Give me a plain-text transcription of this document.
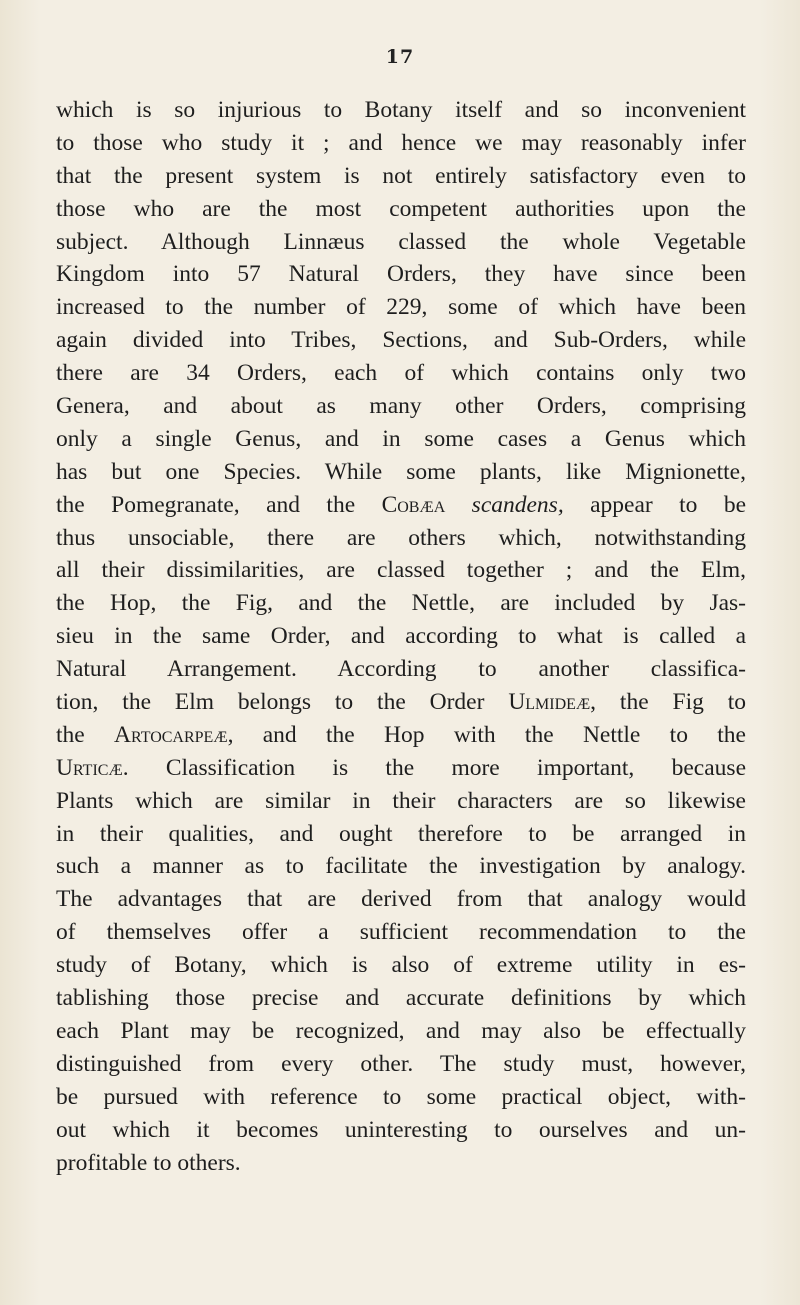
17
which is so injurious to Botany itself and so inconvenient
to those who study it ; and hence we may reasonably infer
that the present system is not entirely satisfactory even to
those who are the most competent authorities upon the
subject. Although Linnæus classed the whole Vegetable
Kingdom into 57 Natural Orders, they have since been
increased to the number of 229, some of which have been
again divided into Tribes, Sections, and Sub-Orders, while
there are 34 Orders, each of which contains only two
Genera, and about as many other Orders, comprising
only a single Genus, and in some cases a Genus which
has but one Species. While some plants, like Mignionette,
the Pomegranate, and the Cobæa scandens, appear to be
thus unsociable, there are others which, notwithstanding
all their dissimilarities, are classed together ; and the Elm,
the Hop, the Fig, and the Nettle, are included by Jas-
sieu in the same Order, and according to what is called a
Natural Arrangement. According to another classifica-
tion, the Elm belongs to the Order Ulmideæ, the Fig to
the Artocarpeæ, and the Hop with the Nettle to the
Urticæ. Classification is the more important, because
Plants which are similar in their characters are so likewise
in their qualities, and ought therefore to be arranged in
such a manner as to facilitate the investigation by analogy.
The advantages that are derived from that analogy would
of themselves offer a sufficient recommendation to the
study of Botany, which is also of extreme utility in es-
tablishing those precise and accurate definitions by which
each Plant may be recognized, and may also be effectually
distinguished from every other. The study must, however,
be pursued with reference to some practical object, with-
out which it becomes uninteresting to ourselves and un-
profitable to others.
